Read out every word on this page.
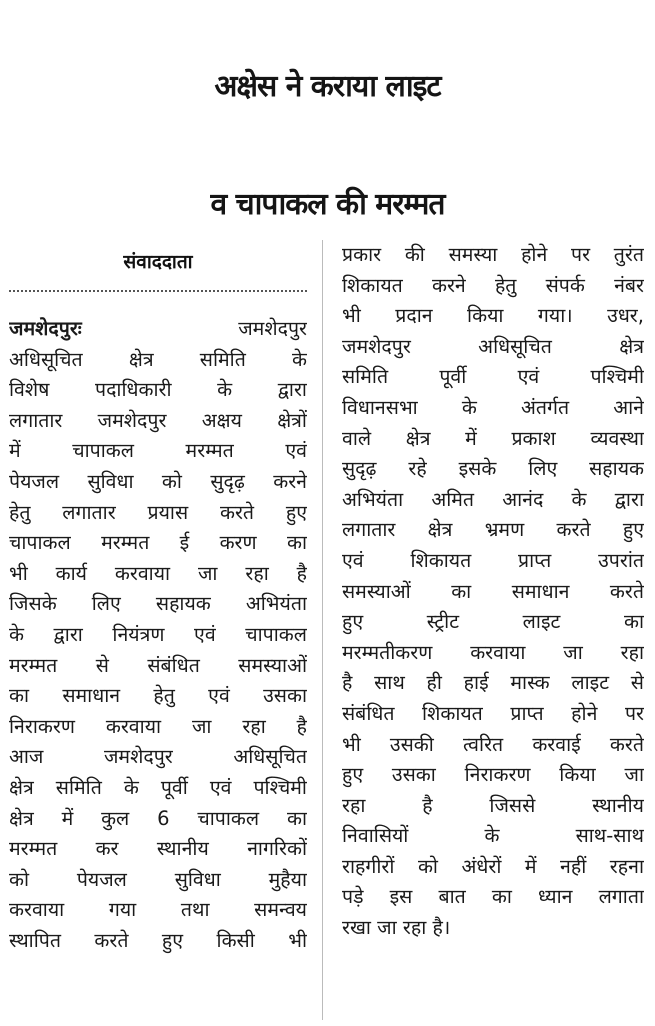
अक्षेस ने कराया लाइट
व चापाकल की मरम्मत
संवाददाता
जमशेदपुरः	जमशेदपुर
अधिसूचित क्षेत्र समिति के
विशेष पदाधिकारी के द्वारा
लगातार जमशेदपुर अक्षय क्षेत्रों
में चापाकल मरम्मत एवं
पेयजल सुविधा को सुदृढ़ करने
हेतु लगातार प्रयास करते हुए
चापाकल मरम्मत ई करण का
भी कार्य करवाया जा रहा है
जिसके लिए सहायक अभियंता
के द्वारा नियंत्रण एवं चापाकल
मरम्मत से संबंधित समस्याओं
का समाधान हेतु एवं उसका
निराकरण करवाया जा रहा है
आज जमशेदपुर अधिसूचित
क्षेत्र समिति के पूर्वी एवं पश्चिमी
क्षेत्र में कुल 6 चापाकल का
मरम्मत कर स्थानीय नागरिकों
को पेयजल सुविधा मुहैया
करवाया गया तथा समन्वय
स्थापित करते हुए किसी भी
प्रकार की समस्या होने पर तुरंत
शिकायत करने हेतु संपर्क नंबर
भी प्रदान किया गया। उधर,
जमशेदपुर अधिसूचित क्षेत्र
समिति पूर्वी एवं पश्चिमी
विधानसभा के अंतर्गत आने
वाले क्षेत्र में प्रकाश व्यवस्था
सुदृढ़ रहे इसके लिए सहायक
अभियंता अमित आनंद के द्वारा
लगातार क्षेत्र भ्रमण करते हुए
एवं शिकायत प्राप्त उपरांत
समस्याओं का समाधान करते
हुए स्ट्रीट लाइट का
मरम्मतीकरण करवाया जा रहा
है साथ ही हाई मास्क लाइट से
संबंधित शिकायत प्राप्त होने पर
भी उसकी त्वरित करवाई करते
हुए उसका निराकरण किया जा
रहा है जिससे स्थानीय
निवासियों के साथ-साथ
राहगीरों को अंधेरों में नहीं रहना
पड़े इस बात का ध्यान लगाता
रखा जा रहा है।
